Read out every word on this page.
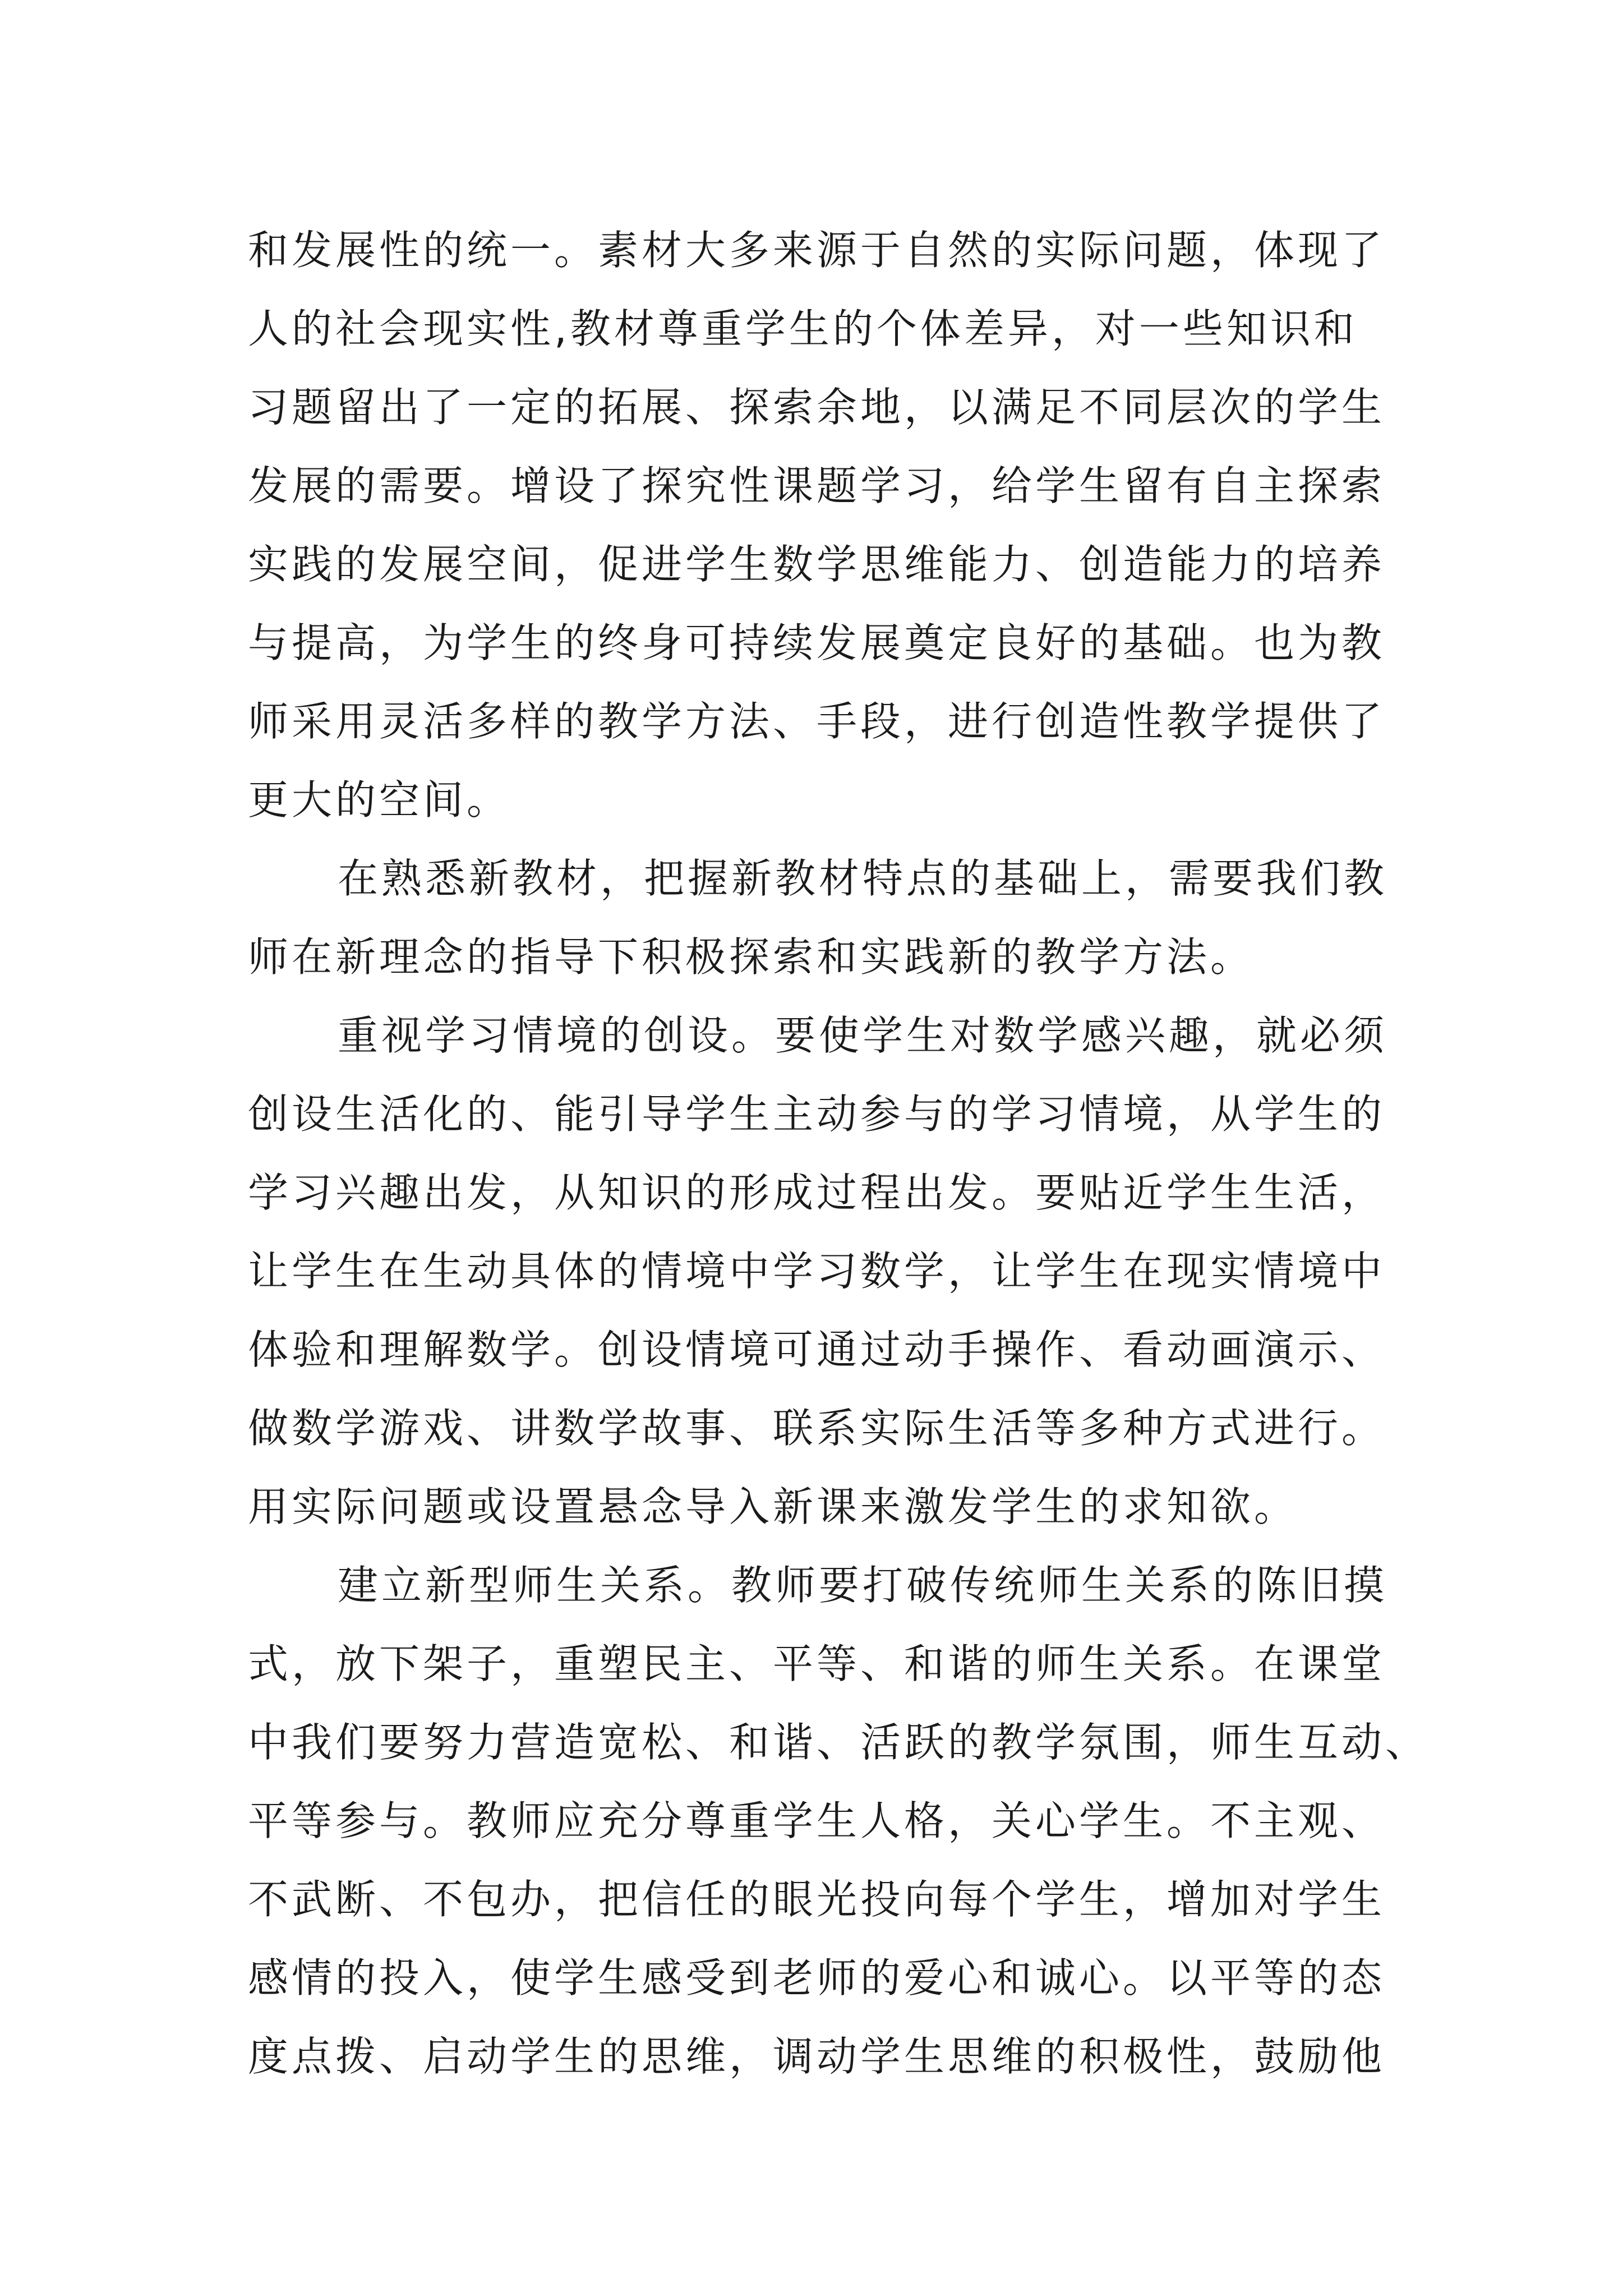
和发展性的统一。素材大多来源于自然的实际问题，体现了
人的社会现实性,教材尊重学生的个体差异，对一些知识和
习题留出了一定的拓展、探索余地，以满足不同层次的学生
发展的需要。增设了探究性课题学习，给学生留有自主探索
实践的发展空间，促进学生数学思维能力、创造能力的培养
与提高，为学生的终身可持续发展奠定良好的基础。也为教
师采用灵活多样的教学方法、手段，进行创造性教学提供了
更大的空间。
在熟悉新教材，把握新教材特点的基础上，需要我们教
师在新理念的指导下积极探索和实践新的教学方法。
重视学习情境的创设。要使学生对数学感兴趣，就必须
创设生活化的、能引导学生主动参与的学习情境，从学生的
学习兴趣出发，从知识的形成过程出发。要贴近学生生活，
让学生在生动具体的情境中学习数学，让学生在现实情境中
体验和理解数学。创设情境可通过动手操作、看动画演示、
做数学游戏、讲数学故事、联系实际生活等多种方式进行。
用实际问题或设置悬念导入新课来激发学生的求知欲。
建立新型师生关系。教师要打破传统师生关系的陈旧摸
式，放下架子，重塑民主、平等、和谐的师生关系。在课堂
中我们要努力营造宽松、和谐、活跃的教学氛围，师生互动、
平等参与。教师应充分尊重学生人格，关心学生。不主观、
不武断、不包办，把信任的眼光投向每个学生，增加对学生
感情的投入，使学生感受到老师的爱心和诚心。以平等的态
度点拨、启动学生的思维，调动学生思维的积极性，鼓励他
